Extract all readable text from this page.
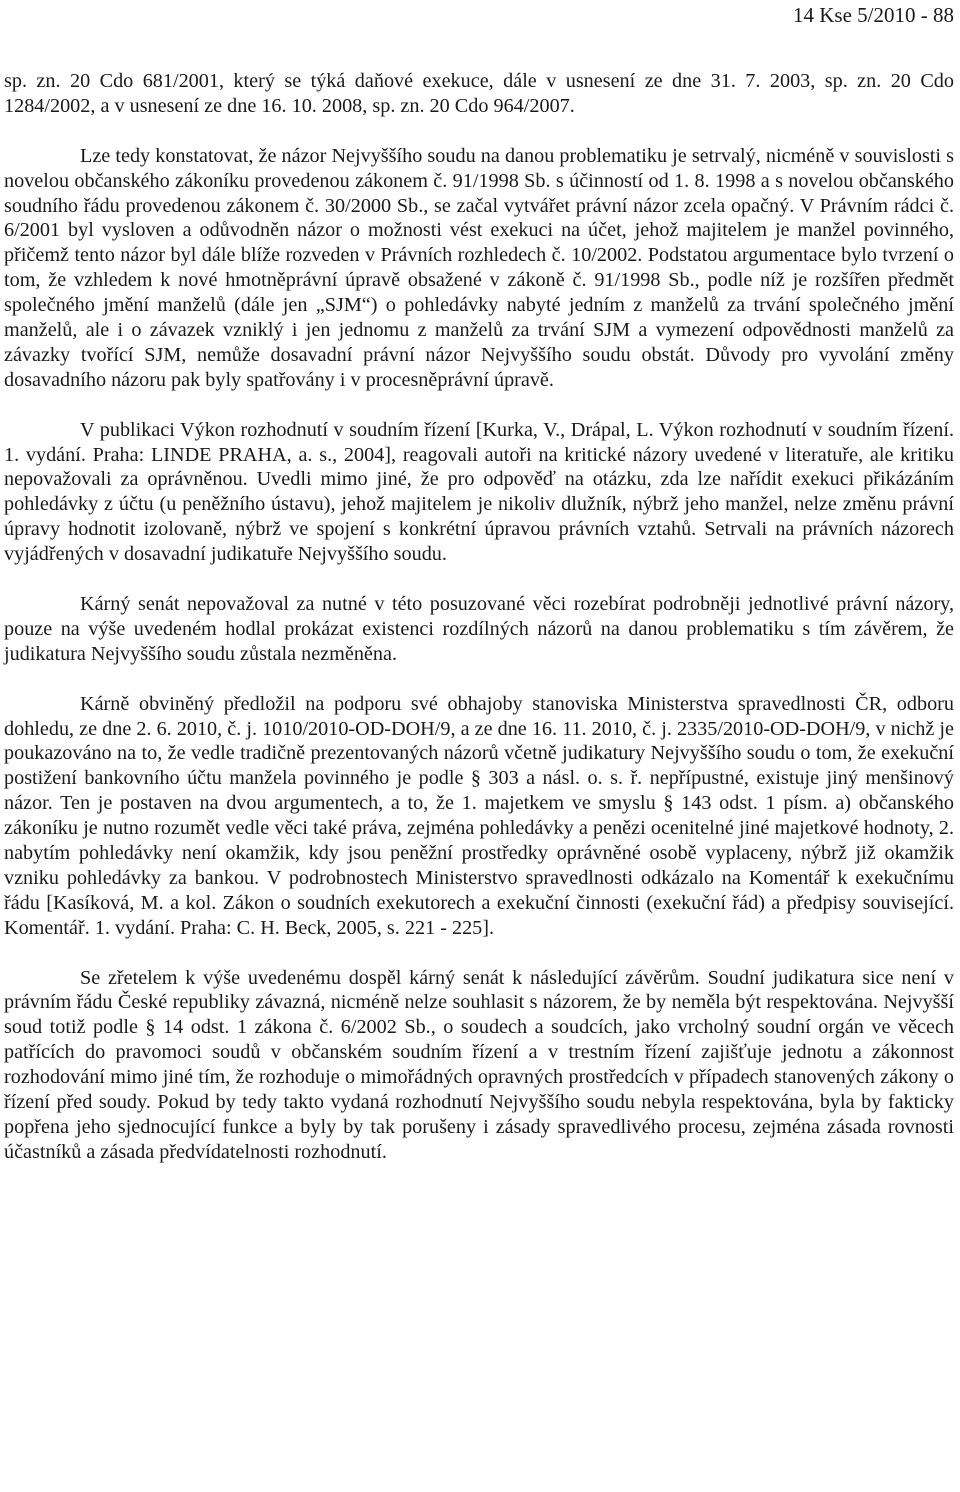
14 Kse 5/2010 - 88

sp. zn. 20 Cdo 681/2001, který se týká daňové exekuce, dále v usnesení ze dne 31. 7. 2003, sp. zn. 20 Cdo 1284/2002, a v usnesení ze dne 16. 10. 2008, sp. zn. 20 Cdo 964/2007.

Lze tedy konstatovat, že názor Nejvyššího soudu na danou problematiku je setrvalý, nicméně v souvislosti s novelou občanského zákoníku provedenou zákonem č. 91/1998 Sb. s účinností od 1. 8. 1998 a s novelou občanského soudního řádu provedenou zákonem č. 30/2000 Sb., se začal vytvářet právní názor zcela opačný. V Právním rádci č. 6/2001 byl vysloven a odůvodněn názor o možnosti vést exekuci na účet, jehož majitelem je manžel povinného, přičemž tento názor byl dále blíže rozveden v Právních rozhledech č. 10/2002. Podstatou argumentace bylo tvrzení o tom, že vzhledem k nové hmotněprávní úpravě obsažené v zákoně č. 91/1998 Sb., podle níž je rozšířen předmět společného jmění manželů (dále jen „SJM“) o pohledávky nabyté jedním z manželů za trvání společného jmění manželů, ale i o závazek vzniklý i jen jednomu z manželů za trvání SJM a vymezení odpovědnosti manželů za závazky tvořící SJM, nemůže dosavadní právní názor Nejvyššího soudu obstát. Důvody pro vyvolání změny dosavadního názoru pak byly spatřovány i v procesněprávní úpravě.

V publikaci Výkon rozhodnutí v soudním řízení [Kurka, V., Drápal, L. Výkon rozhodnutí v soudním řízení. 1. vydání. Praha: LINDE PRAHA, a. s., 2004], reagovali autoři na kritické názory uvedené v literatuře, ale kritiku nepovažovali za oprávněnou. Uvedli mimo jiné, že pro odpověď na otázku, zda lze nařídit exekuci přikázáním pohledávky z účtu (u peněžního ústavu), jehož majitelem je nikoliv dlužník, nýbrž jeho manžel, nelze změnu právní úpravy hodnotit izolovaně, nýbrž ve spojení s konkrétní úpravou právních vztahů. Setrvali na právních názorech vyjádřených v dosavadní judikatuře Nejvyššího soudu.

Kárný senát nepovažoval za nutné v této posuzované věci rozebírat podrobněji jednotlivé právní názory, pouze na výše uvedeném hodlal prokázat existenci rozdílných názorů na danou problematiku s tím závěrem, že judikatura Nejvyššího soudu zůstala nezměněna.

Kárně obviněný předložil na podporu své obhajoby stanoviska Ministerstva spravedlnosti ČR, odboru dohledu, ze dne 2. 6. 2010, č. j. 1010/2010-OD-DOH/9, a ze dne 16. 11. 2010, č. j. 2335/2010-OD-DOH/9, v nichž je poukazováno na to, že vedle tradičně prezentovaných názorů včetně judikatury Nejvyššího soudu o tom, že exekuční postižení bankovního účtu manžela povinného je podle § 303 a násl. o. s. ř. nepřípustné, existuje jiný menšinový názor. Ten je postaven na dvou argumentech, a to, že 1. majetkem ve smyslu § 143 odst. 1 písm. a) občanského zákoníku je nutno rozumět vedle věci také práva, zejména pohledávky a penězi ocenitelné jiné majetkové hodnoty, 2. nabytím pohledávky není okamžik, kdy jsou peněžní prostředky oprávněné osobě vyplaceny, nýbrž již okamžik vzniku pohledávky za bankou. V podrobnostech Ministerstvo spravedlnosti odkázalo na Komentář k exekučnímu řádu [Kasíková, M. a kol. Zákon o soudních exekutorech a exekuční činnosti (exekuční řád) a předpisy související. Komentář. 1. vydání. Praha: C. H. Beck, 2005, s. 221 - 225].

Se zřetelem k výše uvedenému dospěl kárný senát k následující závěrům. Soudní judikatura sice není v právním řádu České republiky závazná, nicméně nelze souhlasit s názorem, že by neměla být respektována. Nejvyšší soud totiž podle § 14 odst. 1 zákona č. 6/2002 Sb., o soudech a soudcích, jako vrcholný soudní orgán ve věcech patřících do pravomoci soudů v občanském soudním řízení a v trestním řízení zajišťuje jednotu a zákonnost rozhodování mimo jiné tím, že rozhoduje o mimořádných opravných prostředcích v případech stanovených zákony o řízení před soudy. Pokud by tedy takto vydaná rozhodnutí Nejvyššího soudu nebyla respektována, byla by fakticky popřena jeho sjednocující funkce a byly by tak porušeny i zásady spravedlivého procesu, zejména zásada rovnosti účastníků a zásada předvídatelnosti rozhodnutí.
